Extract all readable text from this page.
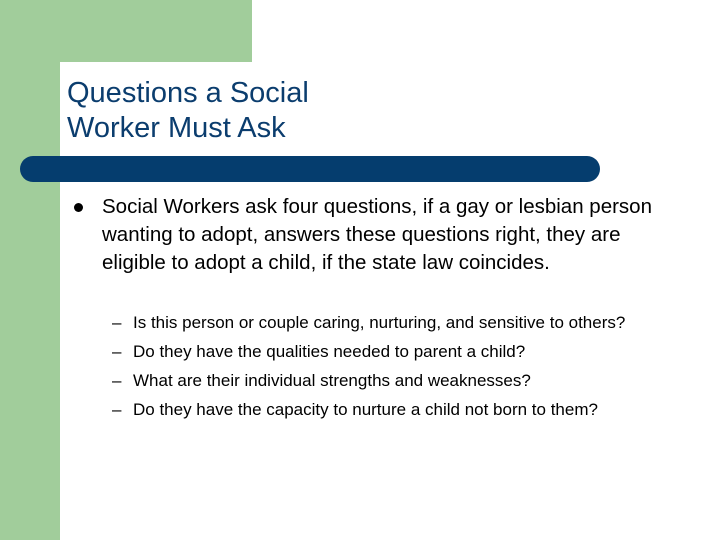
Questions a Social
Worker Must Ask
Social Workers ask four questions, if a gay or lesbian person wanting to adopt, answers these questions right, they are eligible to adopt a child, if the state law coincides.
– Is this person or couple caring, nurturing, and sensitive to others?
– Do they have the qualities needed to parent a child?
– What are their individual strengths and weaknesses?
– Do they have the capacity to nurture a child not born to them?
